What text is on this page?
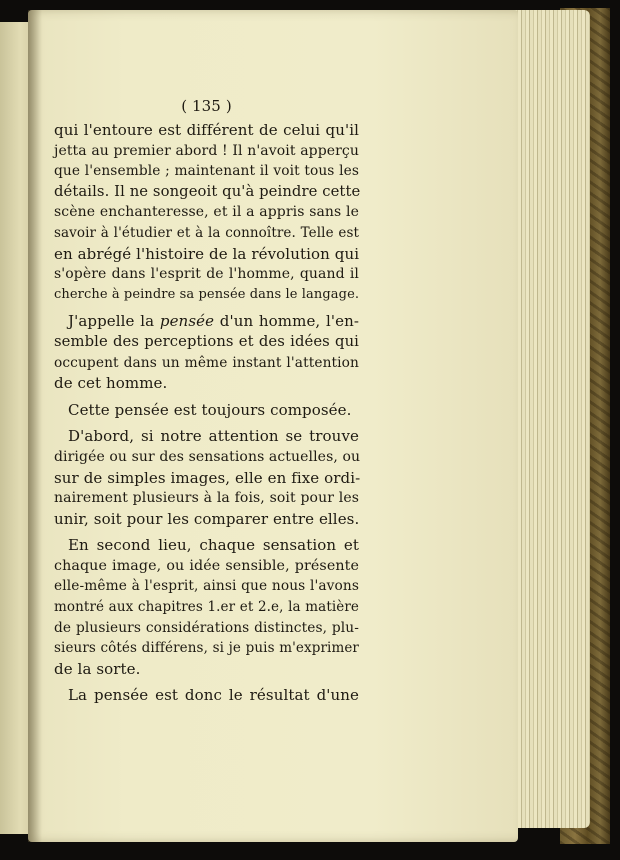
( 135 )
qui l'entoure est différent de celui qu'il
jetta au premier abord ! Il n'avoit apperçu
que l'ensemble ; maintenant il voit tous les
détails. Il ne songeoit qu'à peindre cette
scène enchanteresse, et il a appris sans le
savoir à l'étudier et à la connoître. Telle est
en abrégé l'histoire de la révolution qui
s'opère dans l'esprit de l'homme, quand il
cherche à peindre sa pensée dans le langage.
J'appelle la pensée d'un homme, l'en-
semble des perceptions et des idées qui
occupent dans un même instant l'attention
de cet homme.
Cette pensée est toujours composée.
D'abord, si notre attention se trouve
dirigée ou sur des sensations actuelles, ou
sur de simples images, elle en fixe ordi-
nairement plusieurs à la fois, soit pour les
unir, soit pour les comparer entre elles.
En second lieu, chaque sensation et
chaque image, ou idée sensible, présente
elle-même à l'esprit, ainsi que nous l'avons
montré aux chapitres 1.er et 2.e, la matière
de plusieurs considérations distinctes, plu-
sieurs côtés différens, si je puis m'exprimer
de la sorte.
La pensée est donc le résultat d'une
